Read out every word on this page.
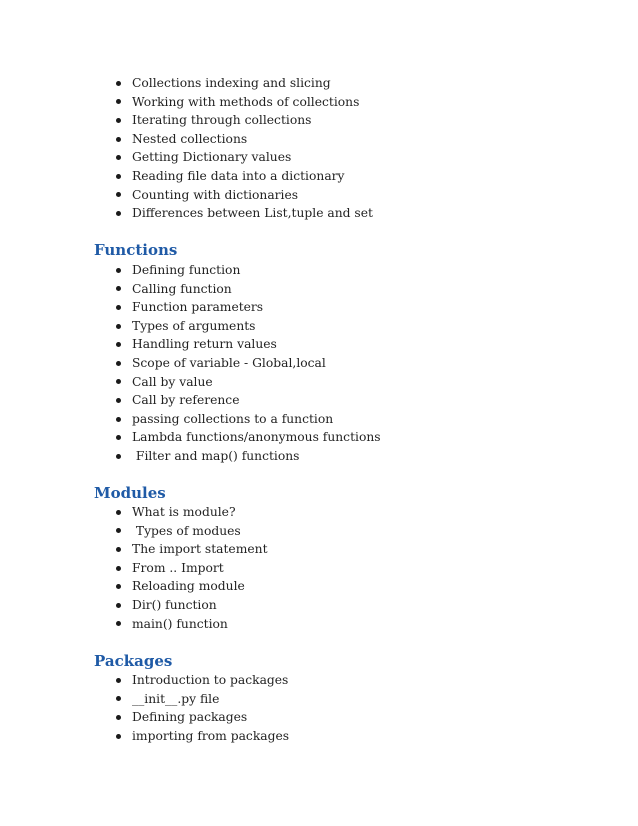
Collections indexing and slicing
Working with methods of collections
Iterating through collections
Nested collections
Getting Dictionary values
Reading file data into a dictionary
Counting with dictionaries
Differences between List,tuple and set
Functions
Defining function
Calling function
Function parameters
Types of arguments
Handling return values
Scope of variable - Global,local
Call by value
Call by reference
passing collections to a function
Lambda functions/anonymous functions
Filter and map() functions
Modules
What is module?
Types of modues
The import statement
From .. Import
Reloading module
Dir() function
main() function
Packages
Introduction to packages
__init__.py file
Defining packages
importing from packages
